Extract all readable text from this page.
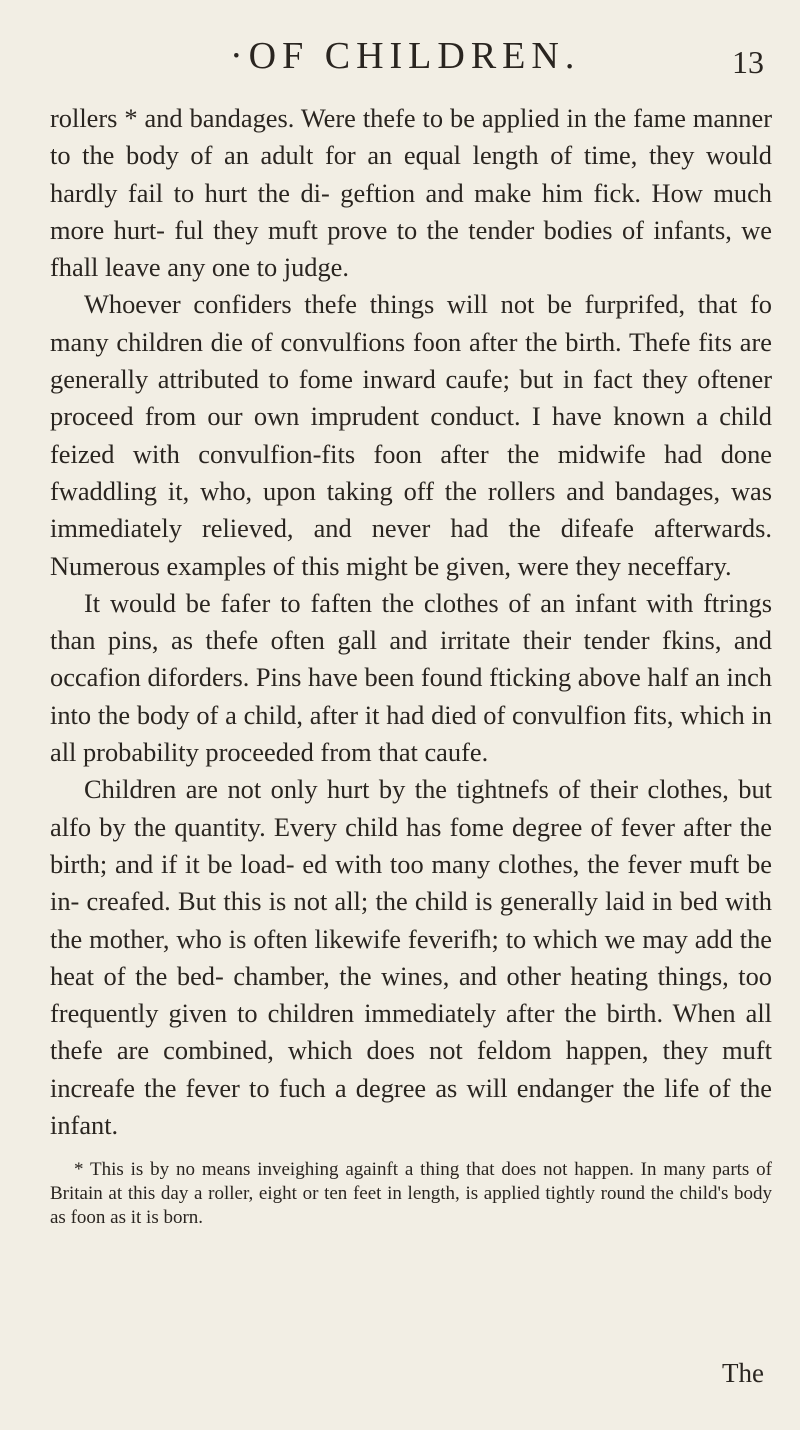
·OF CHILDREN.	13

rollers * and bandages. Were thefe to be applied in the fame manner to the body of an adult for an equal length of time, they would hardly fail to hurt the di- geftion and make him fick. How much more hurt- ful they muft prove to the tender bodies of infants, we fhall leave any one to judge.

Whoever confiders thefe things will not be furprifed, that fo many children die of convulfions foon after the birth. Thefe fits are generally attributed to fome inward caufe; but in fact they oftener proceed from our own imprudent conduct. I have known a child feized with convulfion-fits foon after the midwife had done fwaddling it, who, upon taking off the rollers and bandages, was immediately relieved, and never had the difeafe afterwards. Numerous examples of this might be given, were they neceffary.

It would be fafer to faften the clothes of an infant with ftrings than pins, as thefe often gall and irritate their tender fkins, and occafion diforders. Pins have been found fticking above half an inch into the body of a child, after it had died of convulfion fits, which in all probability proceeded from that caufe.

Children are not only hurt by the tightnefs of their clothes, but alfo by the quantity. Every child has fome degree of fever after the birth; and if it be load- ed with too many clothes, the fever muft be in- creafed. But this is not all; the child is generally laid in bed with the mother, who is often likewife feverifh; to which we may add the heat of the bed- chamber, the wines, and other heating things, too frequently given to children immediately after the birth. When all thefe are combined, which does not feldom happen, they muft increafe the fever to fuch a degree as will endanger the life of the infant.

* This is by no means inveighing againft a thing that does not happen. In many parts of Britain at this day a roller, eight or ten feet in length, is applied tightly round the child's body as foon as it is born.

The
